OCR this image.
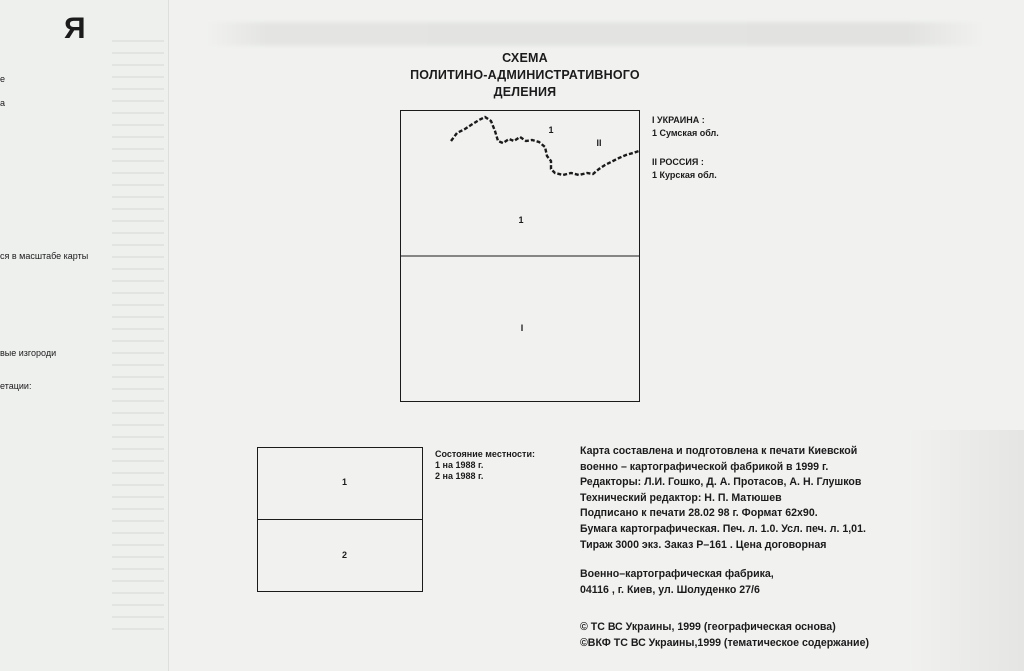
Я
е
а
ся в масштабе карты
вые изгороди
етации:
СХЕМА
ПОЛИТИНО-АДМИНИСТРАТИВНОГО
ДЕЛЕНИЯ
1
II
1
I
I УКРАИНА :
1 Сумская обл.
II РОССИЯ :
1 Курская обл.
1
2
Состояние местности:
1 на 1988 г.
2 на 1988 г.
Карта составлена и подготовлена к печати Киевской
военно – картографической фабрикой в 1999 г.
Редакторы: Л.И. Гошко, Д. А. Протасов, А. Н. Глушков
Технический редактор: Н. П. Матюшев
Подписано к печати 28.02 98 г. Формат 62х90.
Бумага картографическая. Печ. л. 1.0. Усл. печ. л. 1,01.
Тираж 3000 экз. Заказ Р–161 . Цена договорная
Военно–картографическая фабрика,
04116 , г. Киев, ул. Шолуденко 27/6
© ТС ВС Украины, 1999 (географическая основа)
©ВКФ ТС ВС Украины,1999 (тематическое содержание)
